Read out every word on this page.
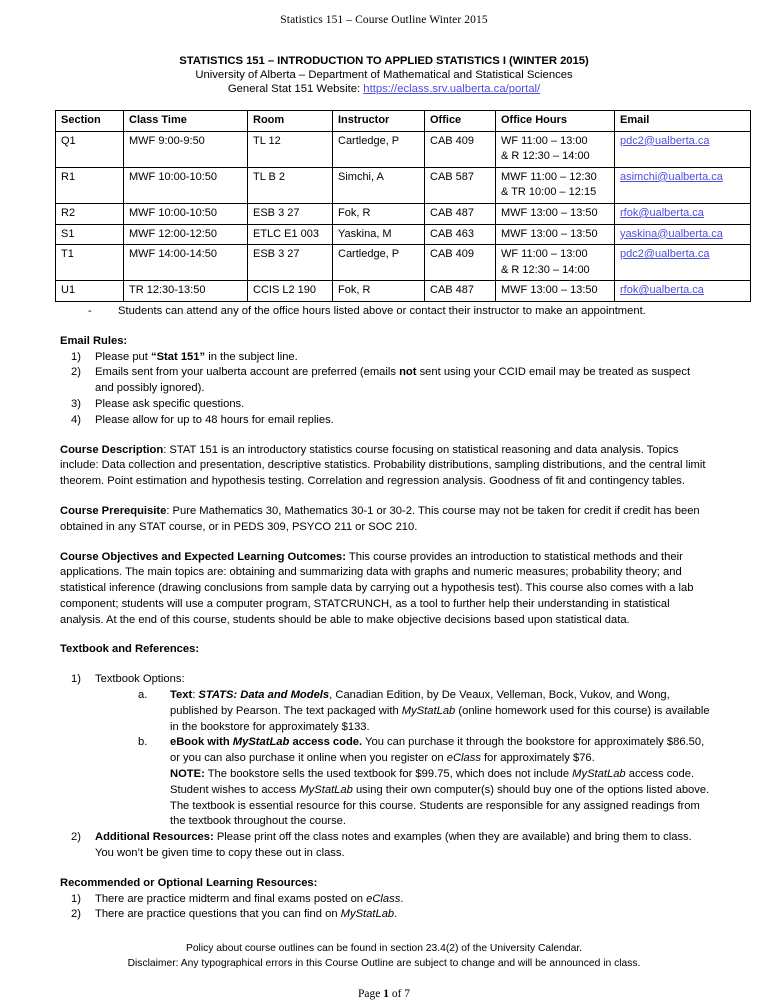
Statistics 151 – Course Outline Winter 2015
STATISTICS 151 – INTRODUCTION TO APPLIED STATISTICS I (WINTER 2015)
University of Alberta – Department of Mathematical and Statistical Sciences
General Stat 151 Website: https://eclass.srv.ualberta.ca/portal/
Section	Class Time	Room	Instructor	Office	Office Hours	Email
Q1	MWF 9:00-9:50	TL 12	Cartledge, P	CAB 409	WF 11:00 – 13:00
& R 12:30 – 14:00	pdc2@ualberta.ca
R1	MWF 10:00-10:50	TL B 2	Simchi, A	CAB 587	MWF 11:00 – 12:30
& TR 10:00 – 12:15	asimchi@ualberta.ca
R2	MWF 10:00-10:50	ESB 3 27	Fok, R	CAB 487	MWF 13:00 – 13:50	rfok@ualberta.ca
S1	MWF 12:00-12:50	ETLC E1 003	Yaskina, M	CAB 463	MWF 13:00 – 13:50	yaskina@ualberta.ca
T1	MWF 14:00-14:50	ESB 3 27	Cartledge, P	CAB 409	WF 11:00 – 13:00
& R 12:30 – 14:00	pdc2@ualberta.ca
U1	TR 12:30-13:50	CCIS L2 190	Fok, R	CAB 487	MWF 13:00 – 13:50	rfok@ualberta.ca
- Students can attend any of the office hours listed above or contact their instructor to make an appointment.
Email Rules:
1)	Please put “Stat 151” in the subject line.
2)	Emails sent from your ualberta account are preferred (emails not sent using your CCID email may be treated as suspect and possibly ignored).
3)	Please ask specific questions.
4)	Please allow for up to 48 hours for email replies.
Course Description: STAT 151 is an introductory statistics course focusing on statistical reasoning and data analysis. Topics include: Data collection and presentation, descriptive statistics. Probability distributions, sampling distributions, and the central limit theorem. Point estimation and hypothesis testing. Correlation and regression analysis. Goodness of fit and contingency tables.
Course Prerequisite: Pure Mathematics 30, Mathematics 30-1 or 30-2. This course may not be taken for credit if credit has been obtained in any STAT course, or in PEDS 309, PSYCO 211 or SOC 210.
Course Objectives and Expected Learning Outcomes: This course provides an introduction to statistical methods and their applications. The main topics are: obtaining and summarizing data with graphs and numeric measures; probability theory; and statistical inference (drawing conclusions from sample data by carrying out a hypothesis test). This course also comes with a lab component; students will use a computer program, STATCRUNCH, as a tool to further help their understanding in statistical analysis. At the end of this course, students should be able to make objective decisions based upon statistical data.
Textbook and References:
1)	Textbook Options:
a. Text: STATS: Data and Models, Canadian Edition, by De Veaux, Velleman, Bock, Vukov, and Wong, published by Pearson. The text packaged with MyStatLab (online homework used for this course) is available in the bookstore for approximately $133.
b. eBook with MyStatLab access code. You can purchase it through the bookstore for approximately $86.50, or you can also purchase it online when you register on eClass for approximately $76.
NOTE: The bookstore sells the used textbook for $99.75, which does not include MyStatLab access code. Student wishes to access MyStatLab using their own computer(s) should buy one of the options listed above. The textbook is essential resource for this course. Students are responsible for any assigned readings from the textbook throughout the course.
2) Additional Resources: Please print off the class notes and examples (when they are available) and bring them to class. You won’t be given time to copy these out in class.
Recommended or Optional Learning Resources:
1)	There are practice midterm and final exams posted on eClass.
2)	There are practice questions that you can find on MyStatLab.
Policy about course outlines can be found in section 23.4(2) of the University Calendar.
Disclaimer: Any typographical errors in this Course Outline are subject to change and will be announced in class.
Page 1 of 7
